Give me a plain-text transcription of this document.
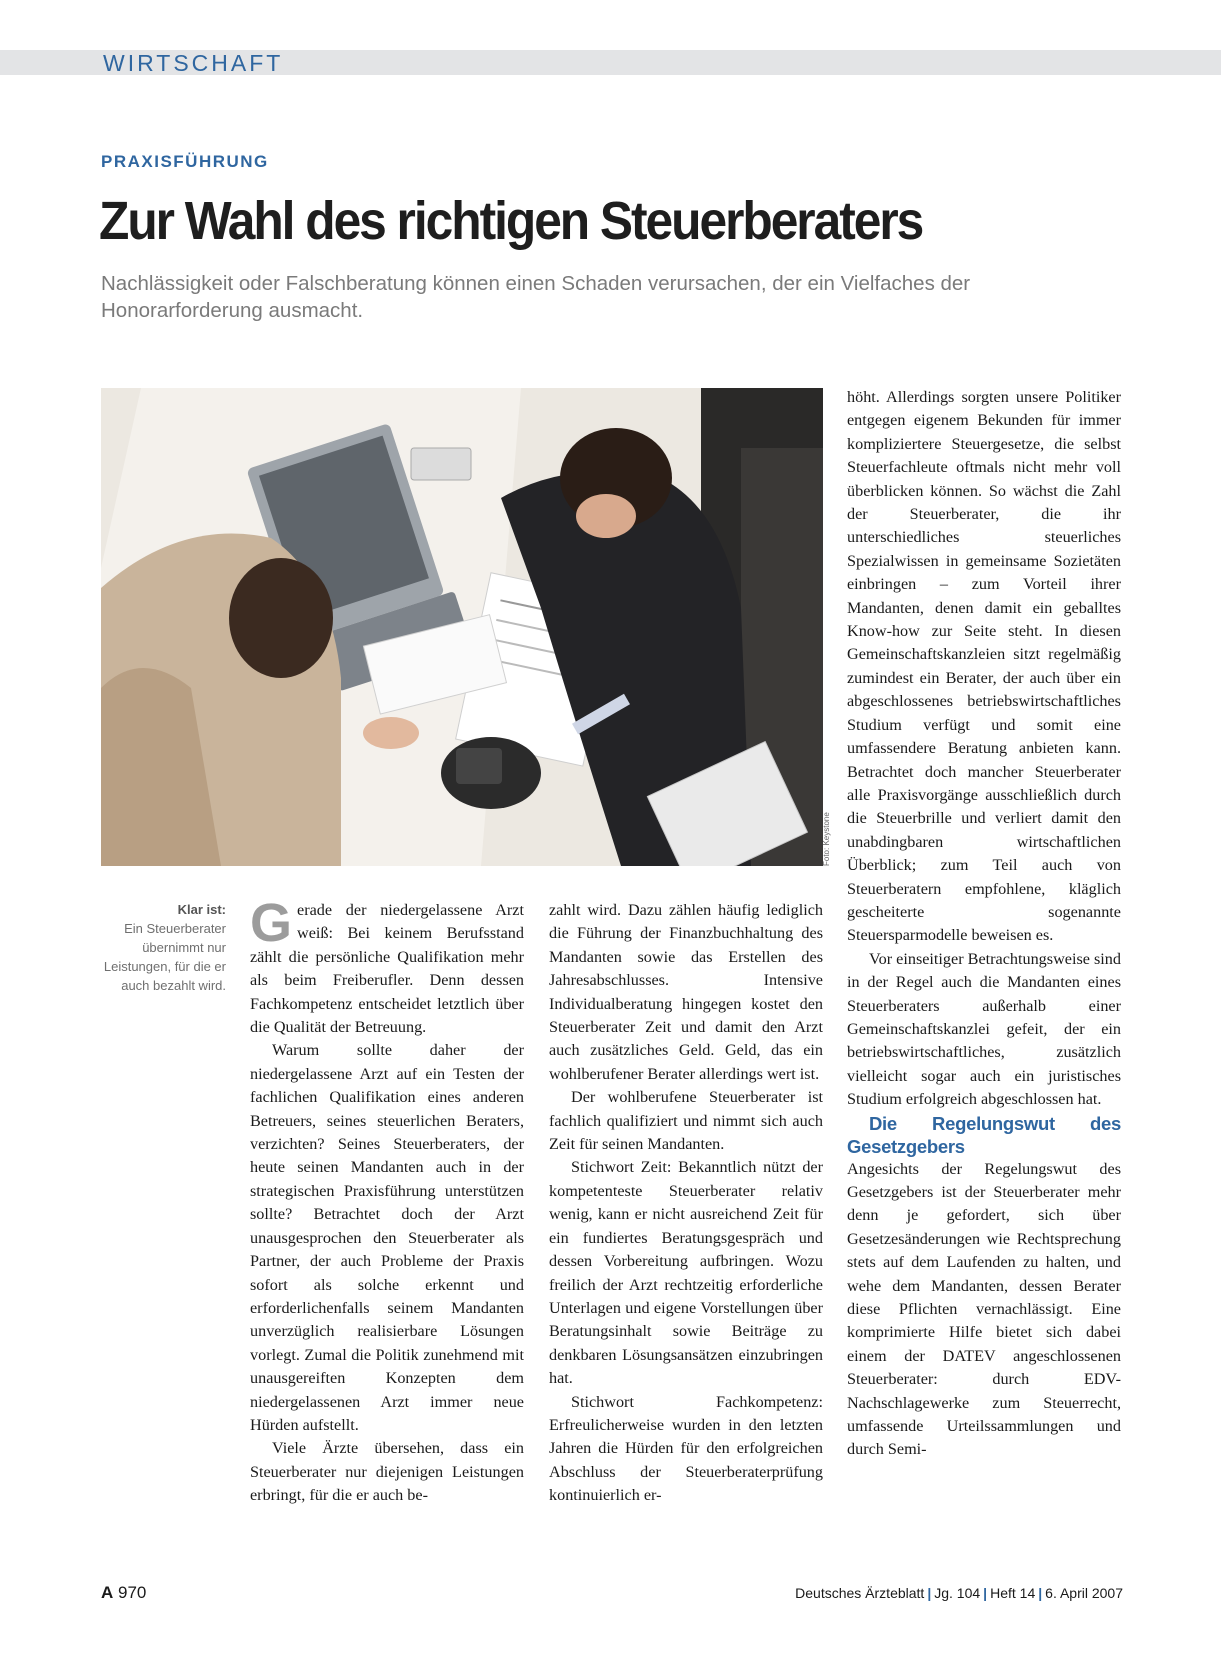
WIRTSCHAFT
PRAXISFÜHRUNG
Zur Wahl des richtigen Steuerberaters

Nachlässigkeit oder Falschberatung können einen Schaden verursachen, der ein Vielfaches der Honorarforderung ausmacht.

Foto: Keystone
Klar ist:
Ein Steuerberater übernimmt nur Leistungen, für die er auch bezahlt wird.

Gerade der niedergelassene Arzt weiß: Bei keinem Berufsstand zählt die persönliche Qualifikation mehr als beim Freiberufler. Denn dessen Fachkompetenz entscheidet letztlich über die Qualität der Betreuung.

Warum sollte daher der niedergelassene Arzt auf ein Testen der fachlichen Qualifikation eines anderen Betreuers, seines steuerlichen Beraters, verzichten? Seines Steuerberaters, der heute seinen Mandanten auch in der strategischen Praxisführung unterstützen sollte? Betrachtet doch der Arzt unausgesprochen den Steuerberater als Partner, der auch Probleme der Praxis sofort als solche erkennt und erforderlichenfalls seinem Mandanten unverzüglich realisierbare Lösungen vorlegt. Zumal die Politik zunehmend mit unausgereiften Konzepten dem niedergelassenen Arzt immer neue Hürden aufstellt.

Viele Ärzte übersehen, dass ein Steuerberater nur diejenigen Leistungen erbringt, für die er auch be-

zahlt wird. Dazu zählen häufig lediglich die Führung der Finanzbuchhaltung des Mandanten sowie das Erstellen des Jahresabschlusses. Intensive Individualberatung hingegen kostet den Steuerberater Zeit und damit den Arzt auch zusätzliches Geld. Geld, das ein wohlberufener Berater allerdings wert ist.

Der wohlberufene Steuerberater ist fachlich qualifiziert und nimmt sich auch Zeit für seinen Mandanten.

Stichwort Zeit: Bekanntlich nützt der kompetenteste Steuerberater relativ wenig, kann er nicht ausreichend Zeit für ein fundiertes Beratungsgespräch und dessen Vorbereitung aufbringen. Wozu freilich der Arzt rechtzeitig erforderliche Unterlagen und eigene Vorstellungen über Beratungsinhalt sowie Beiträge zu denkbaren Lösungsansätzen einzubringen hat.

Stichwort Fachkompetenz: Erfreulicherweise wurden in den letzten Jahren die Hürden für den erfolgreichen Abschluss der Steuerberaterprüfung kontinuierlich er-

höht. Allerdings sorgten unsere Politiker entgegen eigenem Bekunden für immer kompliziertere Steuergesetze, die selbst Steuerfachleute oftmals nicht mehr voll überblicken können. So wächst die Zahl der Steuerberater, die ihr unterschiedliches steuerliches Spezialwissen in gemeinsame Sozietäten einbringen – zum Vorteil ihrer Mandanten, denen damit ein geballtes Know-how zur Seite steht. In diesen Gemeinschaftskanzleien sitzt regelmäßig zumindest ein Berater, der auch über ein abgeschlossenes betriebswirtschaftliches Studium verfügt und somit eine umfassendere Beratung anbieten kann. Betrachtet doch mancher Steuerberater alle Praxisvorgänge ausschließlich durch die Steuerbrille und verliert damit den unabdingbaren wirtschaftlichen Überblick; zum Teil auch von Steuerberatern empfohlene, kläglich gescheiterte sogenannte Steuersparmodelle beweisen es.

Vor einseitiger Betrachtungsweise sind in der Regel auch die Mandanten eines Steuerberaters außerhalb einer Gemeinschaftskanzlei gefeit, der ein betriebswirtschaftliches, zusätzlich vielleicht sogar auch ein juristisches Studium erfolgreich abgeschlossen hat.

Die Regelungswut des Gesetzgebers

Angesichts der Regelungswut des Gesetzgebers ist der Steuerberater mehr denn je gefordert, sich über Gesetzesänderungen wie Rechtsprechung stets auf dem Laufenden zu halten, und wehe dem Mandanten, dessen Berater diese Pflichten vernachlässigt. Eine komprimierte Hilfe bietet sich dabei einem der DATEV angeschlossenen Steuerberater: durch EDV-Nachschlagewerke zum Steuerrecht, umfassende Urteilssammlungen und durch Semi-

A 970	Deutsches Ärzteblatt | Jg. 104 | Heft 14 | 6. April 2007
